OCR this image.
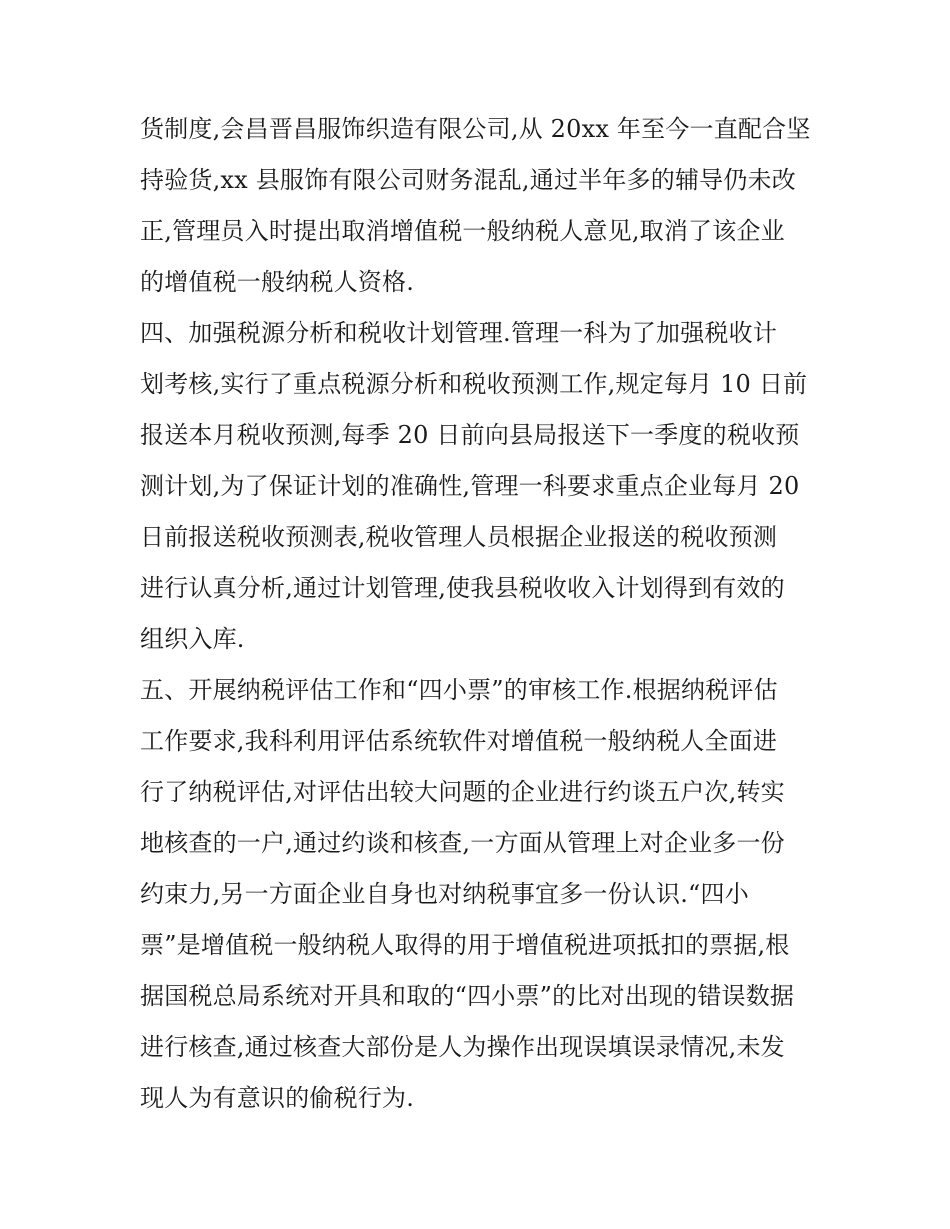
货制度,会昌晋昌服饰织造有限公司,从 20xx 年至今一直配合坚
持验货,xx 县服饰有限公司财务混乱,通过半年多的辅导仍未改
正,管理员入时提出取消增值税一般纳税人意见,取消了该企业
的增值税一般纳税人资格.
四、加强税源分析和税收计划管理.管理一科为了加强税收计
划考核,实行了重点税源分析和税收预测工作,规定每月 10 日前
报送本月税收预测,每季 20 日前向县局报送下一季度的税收预
测计划,为了保证计划的准确性,管理一科要求重点企业每月 20
日前报送税收预测表,税收管理人员根据企业报送的税收预测
进行认真分析,通过计划管理,使我县税收收入计划得到有效的
组织入库.
五、开展纳税评估工作和“四小票”的审核工作.根据纳税评估
工作要求,我科利用评估系统软件对增值税一般纳税人全面进
行了纳税评估,对评估出较大问题的企业进行约谈五户次,转实
地核查的一户,通过约谈和核查,一方面从管理上对企业多一份
约束力,另一方面企业自身也对纳税事宜多一份认识.“四小
票”是增值税一般纳税人取得的用于增值税进项抵扣的票据,根
据国税总局系统对开具和取的“四小票”的比对出现的错误数据
进行核查,通过核查大部份是人为操作出现误填误录情况,未发
现人为有意识的偷税行为.
